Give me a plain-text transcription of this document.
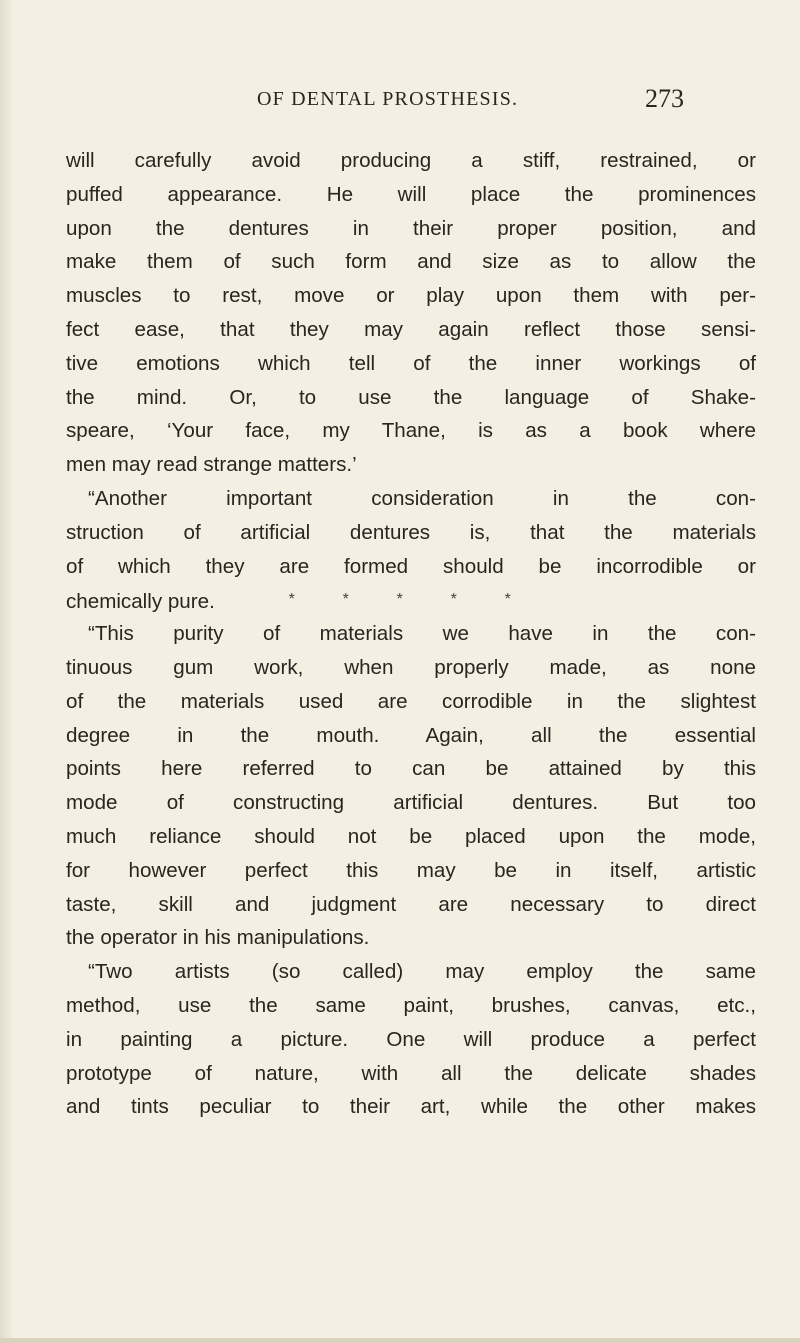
OF DENTAL PROSTHESIS.	273
will carefully avoid producing a stiff, restrained, or
puffed appearance. He will place the prominences
upon the dentures in their proper position, and
make them of such form and size as to allow the
muscles to rest, move or play upon them with per-
fect ease, that they may again reflect those sensi-
tive emotions which tell of the inner workings of
the mind. Or, to use the language of Shake-
speare, ‘Your face, my Thane, is as a book where
men may read strange matters.’
“Another important consideration in the con-
struction of artificial dentures is, that the materials
of which they are formed should be incorrodible or
chemically pure.	*	*	*	*	*
“This purity of materials we have in the con-
tinuous gum work, when properly made, as none
of the materials used are corrodible in the slightest
degree in the mouth. Again, all the essential
points here referred to can be attained by this
mode of constructing artificial dentures. But too
much reliance should not be placed upon the mode,
for however perfect this may be in itself, artistic
taste, skill and judgment are necessary to direct
the operator in his manipulations.
“Two artists (so called) may employ the same
method, use the same paint, brushes, canvas, etc.,
in painting a picture. One will produce a perfect
prototype of nature, with all the delicate shades
and tints peculiar to their art, while the other makes
